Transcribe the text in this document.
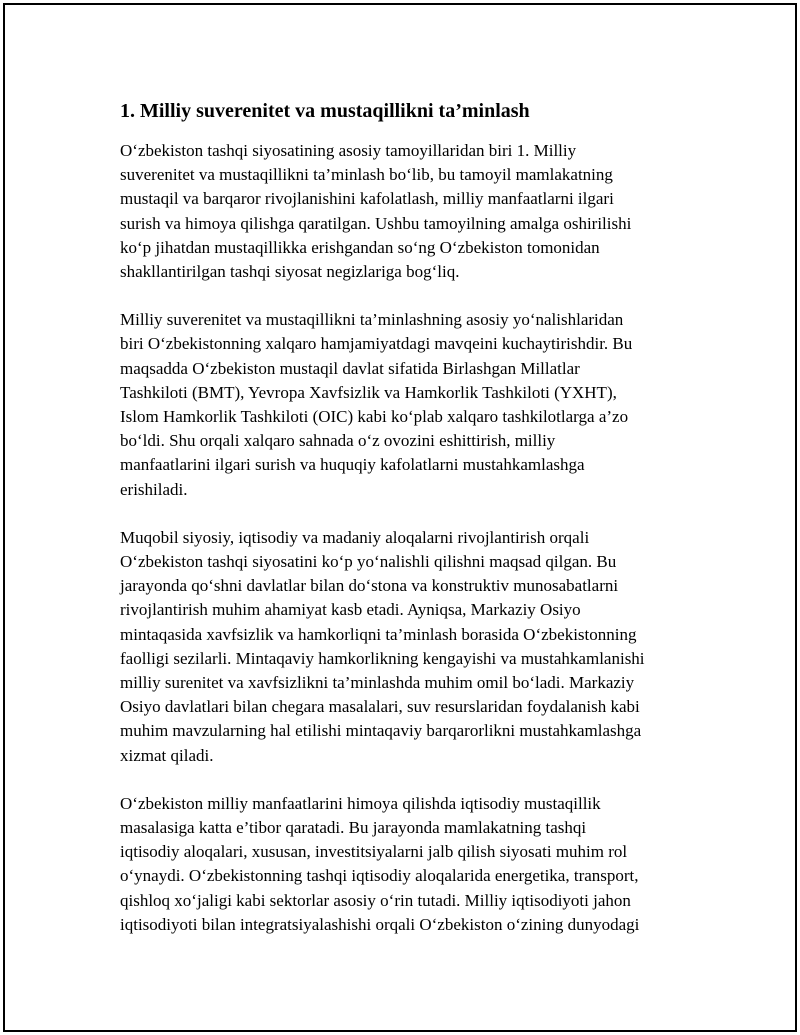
1. Milliy suverenitet va mustaqillikni ta’minlash
O‘zbekiston tashqi siyosatining asosiy tamoyillaridan biri 1. Milliy
suverenitet va mustaqillikni ta’minlash bo‘lib, bu tamoyil mamlakatning
mustaqil va barqaror rivojlanishini kafolatlash, milliy manfaatlarni ilgari
surish va himoya qilishga qaratilgan. Ushbu tamoyilning amalga oshirilishi
ko‘p jihatdan mustaqillikka erishgandan so‘ng O‘zbekiston tomonidan
shakllantirilgan tashqi siyosat negizlariga bog‘liq.
Milliy suverenitet va mustaqillikni ta’minlashning asosiy yo‘nalishlaridan
biri O‘zbekistonning xalqaro hamjamiyatdagi mavqeini kuchaytirishdir. Bu
maqsadda O‘zbekiston mustaqil davlat sifatida Birlashgan Millatlar
Tashkiloti (BMT), Yevropa Xavfsizlik va Hamkorlik Tashkiloti (YXHT),
Islom Hamkorlik Tashkiloti (OIC) kabi ko‘plab xalqaro tashkilotlarga a’zo
bo‘ldi. Shu orqali xalqaro sahnada o‘z ovozini eshittirish, milliy
manfaatlarini ilgari surish va huquqiy kafolatlarni mustahkamlashga
erishiladi.
Muqobil siyosiy, iqtisodiy va madaniy aloqalarni rivojlantirish orqali
O‘zbekiston tashqi siyosatini ko‘p yo‘nalishli qilishni maqsad qilgan. Bu
jarayonda qo‘shni davlatlar bilan do‘stona va konstruktiv munosabatlarni
rivojlantirish muhim ahamiyat kasb etadi. Ayniqsa, Markaziy Osiyo
mintaqasida xavfsizlik va hamkorliqni ta’minlash borasida O‘zbekistonning
faolligi sezilarli. Mintaqaviy hamkorlikning kengayishi va mustahkamlanishi
milliy surenitet va xavfsizlikni ta’minlashda muhim omil bo‘ladi. Markaziy
Osiyo davlatlari bilan chegara masalalari, suv resurslaridan foydalanish kabi
muhim mavzularning hal etilishi mintaqaviy barqarorlikni mustahkamlashga
xizmat qiladi.
O‘zbekiston milliy manfaatlarini himoya qilishda iqtisodiy mustaqillik
masalasiga katta e’tibor qaratadi. Bu jarayonda mamlakatning tashqi
iqtisodiy aloqalari, xususan, investitsiyalarni jalb qilish siyosati muhim rol
o‘ynaydi. O‘zbekistonning tashqi iqtisodiy aloqalarida energetika, transport,
qishloq xo‘jaligi kabi sektorlar asosiy o‘rin tutadi. Milliy iqtisodiyoti jahon
iqtisodiyoti bilan integratsiyalashishi orqali O‘zbekiston o‘zining dunyodagi
